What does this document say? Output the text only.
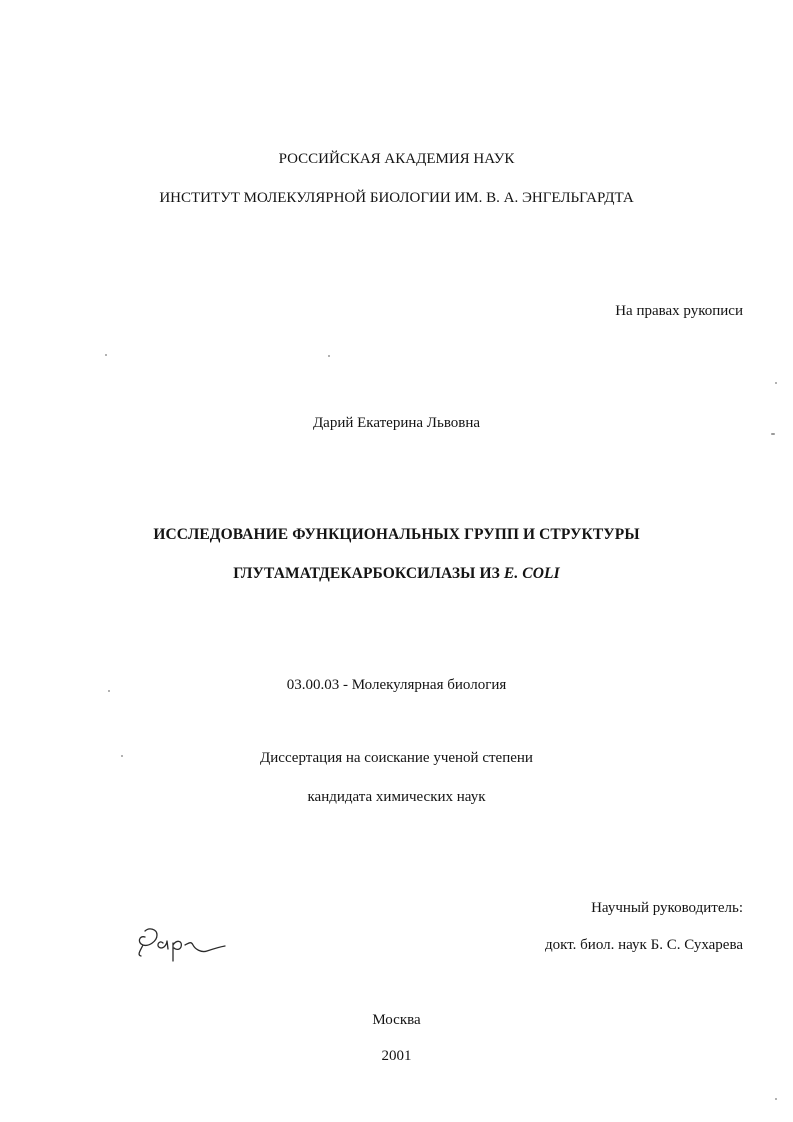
РОССИЙСКАЯ АКАДЕМИЯ НАУК
ИНСТИТУТ МОЛЕКУЛЯРНОЙ БИОЛОГИИ ИМ. В. А. ЭНГЕЛЬГАРДТА
На правах рукописи
Дарий Екатерина Львовна
ИССЛЕДОВАНИЕ ФУНКЦИОНАЛЬНЫХ ГРУПП И СТРУКТУРЫ
ГЛУТАМАТДЕКАРБОКСИЛАЗЫ ИЗ E. COLI
03.00.03 - Молекулярная биология
Диссертация на соискание ученой степени
кандидата химических наук
Научный руководитель:
докт. биол. наук Б. С. Сухарева
Москва
2001
